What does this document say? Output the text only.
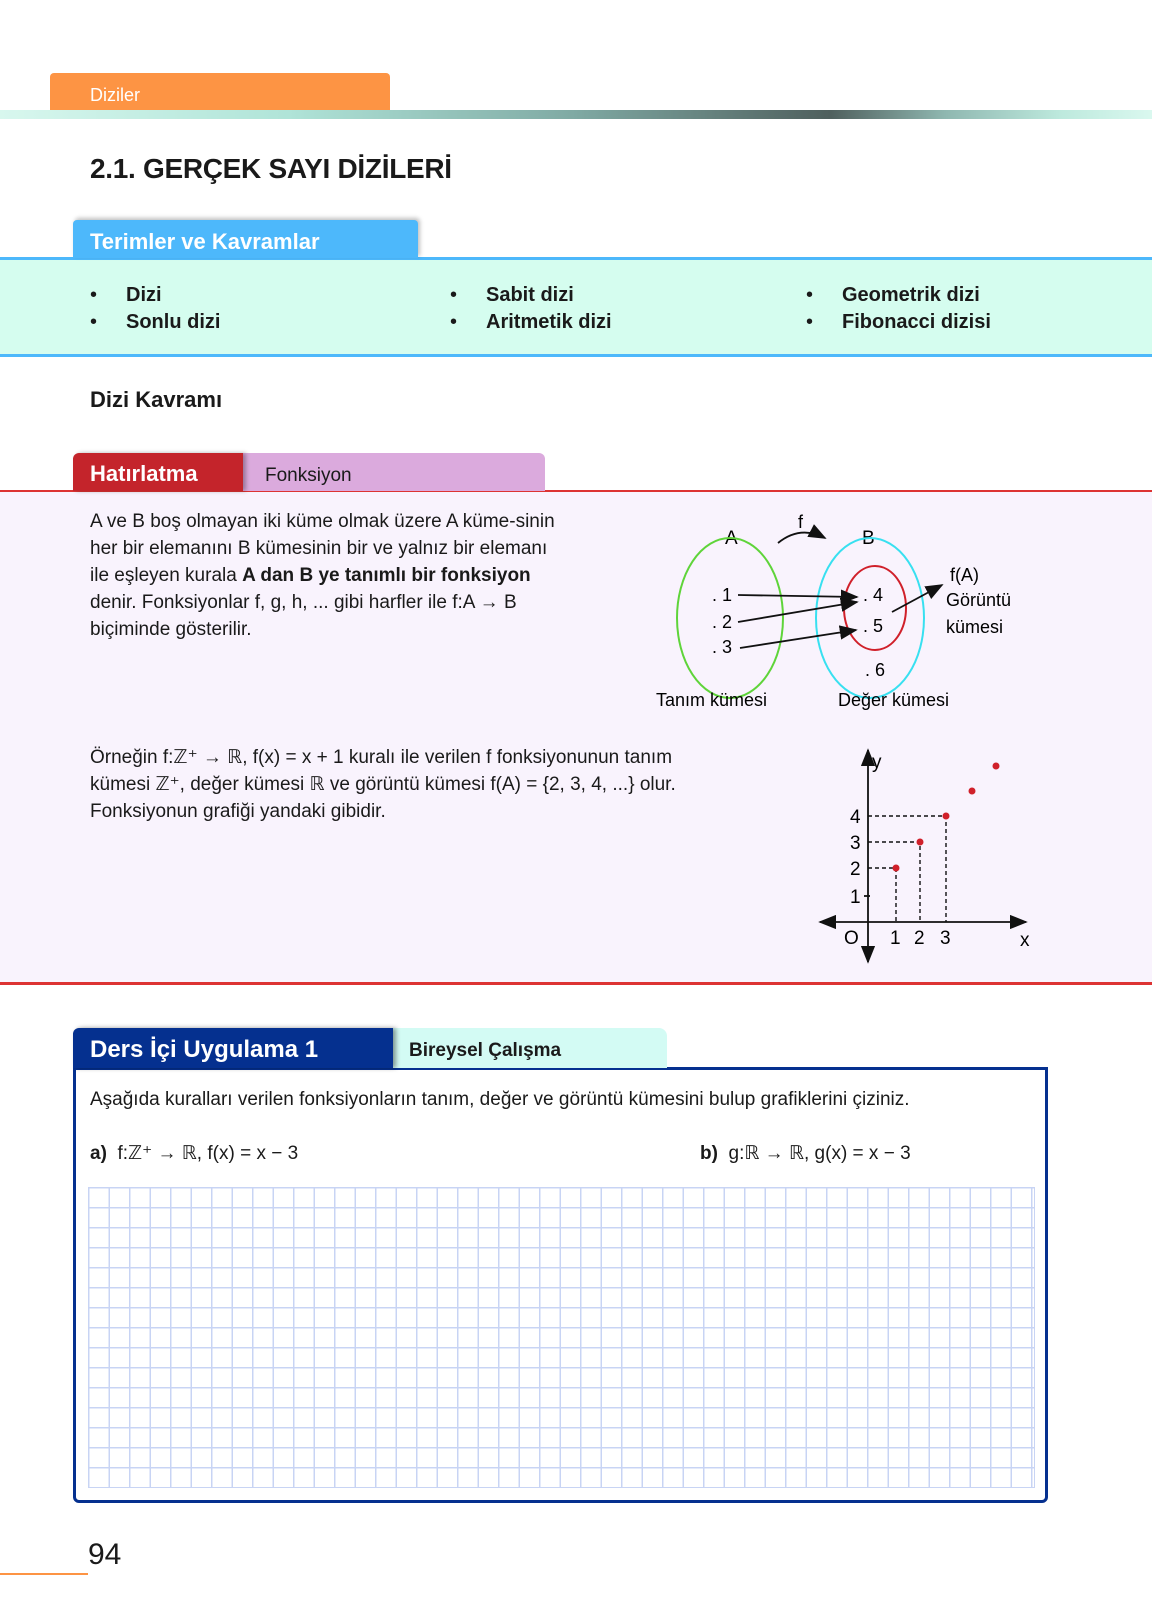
Diziler
2.1. GERÇEK SAYI DİZİLERİ
• Dizi
• Sonlu dizi
• Sabit dizi
• Aritmetik dizi
• Geometrik dizi
• Fibonacci dizisi
Terimler ve Kavramlar
Dizi Kavramı
Fonksiyon
Hatırlatma
A ve B boş olmayan iki küme olmak üzere A küme-sinin her bir elemanını B kümesinin bir ve yalnız bir elemanı ile eşleyen kurala A dan B ye tanımlı bir fonksiyon denir. Fonksiyonlar f, g, h, ... gibi harfler ile f:A → B biçiminde gösterilir.
A	B
f
. 1
. 2
. 3
. 4
. 5
. 6
f(A)
Görüntü
kümesi
Tanım kümesi	Değer kümesi
Örneğin f:ℤ⁺ → ℝ, f(x) = x + 1 kuralı ile verilen f fonksiyonunun tanım
kümesi ℤ⁺, değer kümesi ℝ ve görüntü kümesi f(A) = {2, 3, 4, ...} olur.
Fonksiyonun grafiği yandaki gibidir.
y
x
O 1 2 3
1
2
3
4
Bireysel Çalışma
Ders İçi Uygulama 1
Aşağıda kuralları verilen fonksiyonların tanım, değer ve görüntü kümesini bulup grafiklerini çiziniz.
a) f:ℤ⁺ → ℝ, f(x) = x − 3	b) g:ℝ → ℝ, g(x) = x − 3
94
